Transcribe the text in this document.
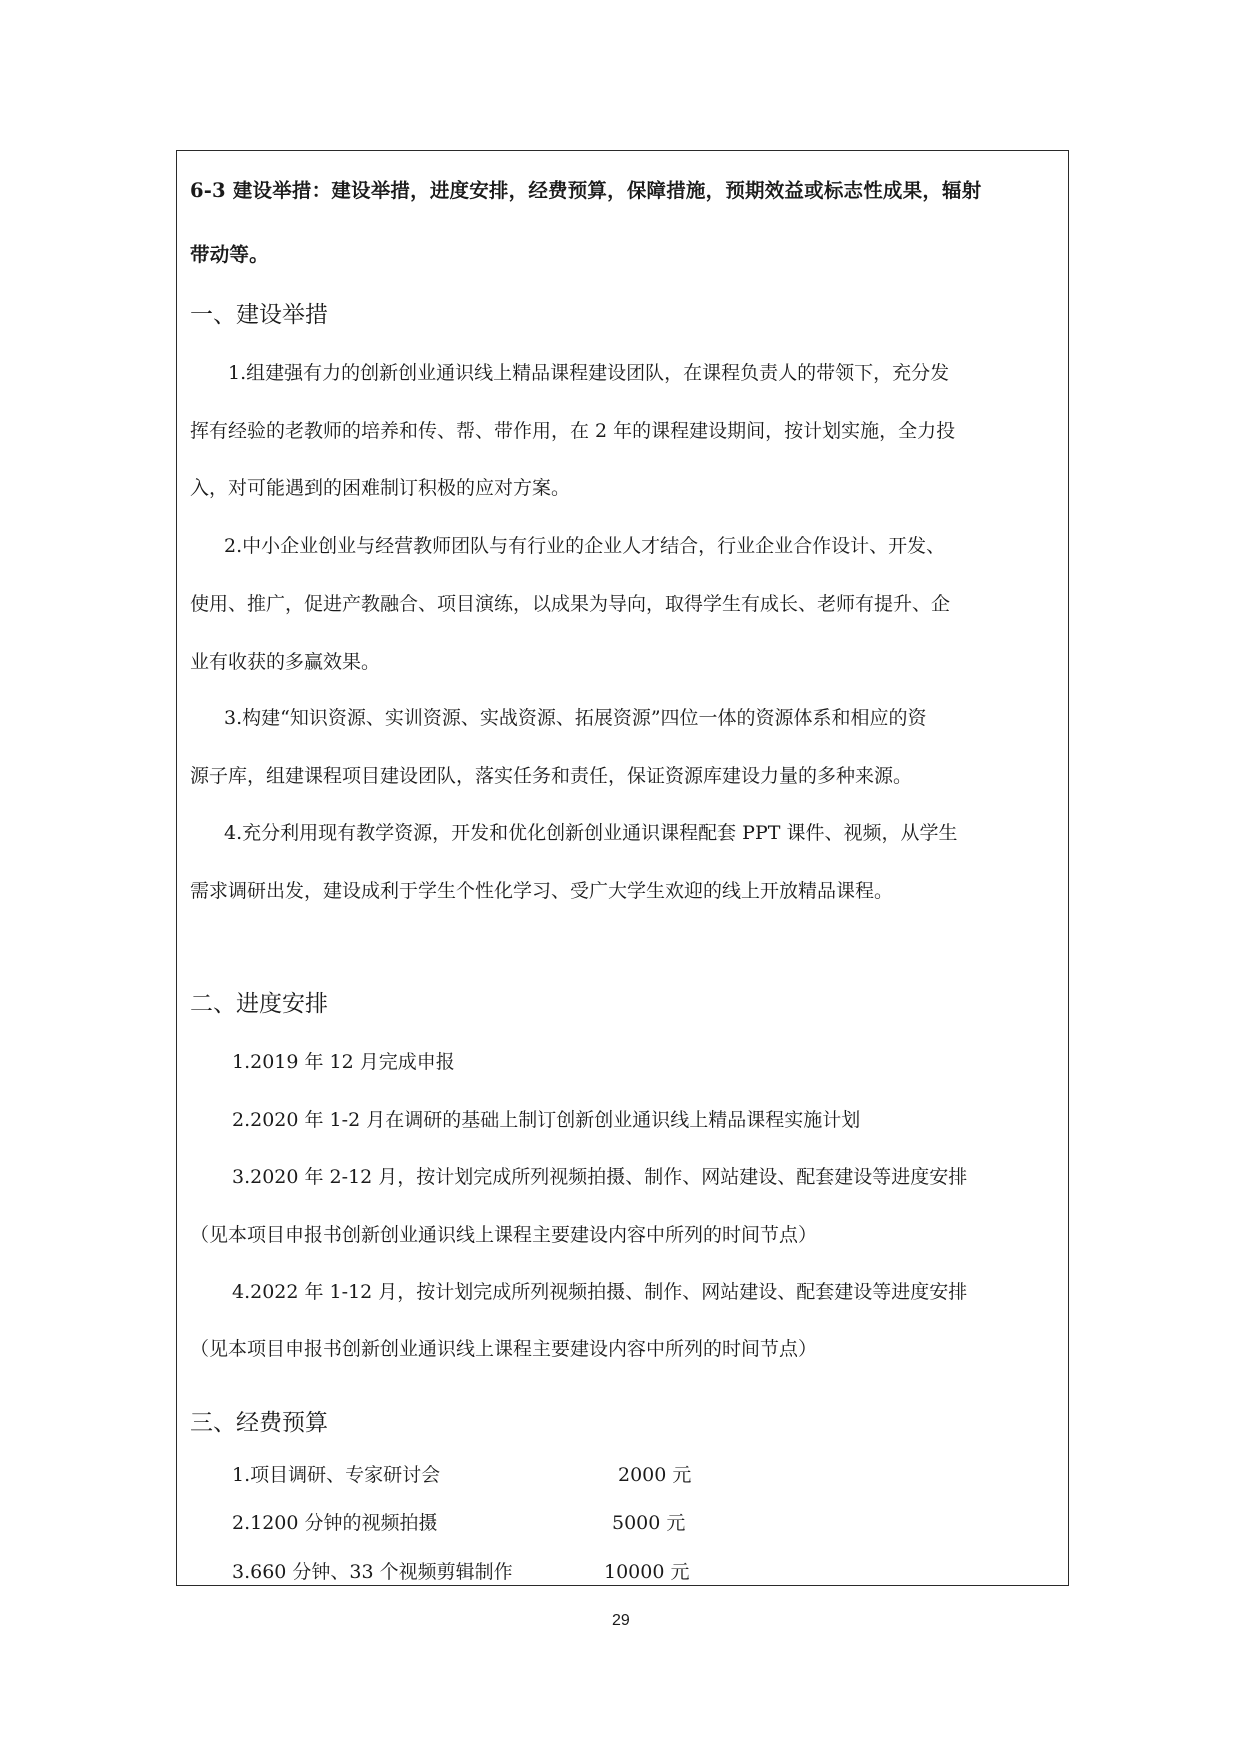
6-3 建设举措：建设举措，进度安排，经费预算，保障措施，预期效益或标志性成果，辐射
带动等。
一、建设举措
1.组建强有力的创新创业通识线上精品课程建设团队，在课程负责人的带领下，充分发
挥有经验的老教师的培养和传、帮、带作用，在 2 年的课程建设期间，按计划实施，全力投
入，对可能遇到的困难制订积极的应对方案。
2.中小企业创业与经营教师团队与有行业的企业人才结合，行业企业合作设计、开发、
使用、推广，促进产教融合、项目演练，以成果为导向，取得学生有成长、老师有提升、企
业有收获的多赢效果。
3.构建“知识资源、实训资源、实战资源、拓展资源”四位一体的资源体系和相应的资
源子库，组建课程项目建设团队，落实任务和责任，保证资源库建设力量的多种来源。
4.充分利用现有教学资源，开发和优化创新创业通识课程配套 PPT 课件、视频，从学生
需求调研出发，建设成利于学生个性化学习、受广大学生欢迎的线上开放精品课程。
二、进度安排
1.2019 年 12 月完成申报
2.2020 年 1-2 月在调研的基础上制订创新创业通识线上精品课程实施计划
3.2020 年 2-12 月，按计划完成所列视频拍摄、制作、网站建设、配套建设等进度安排
（见本项目申报书创新创业通识线上课程主要建设内容中所列的时间节点）
4.2022 年 1-12 月，按计划完成所列视频拍摄、制作、网站建设、配套建设等进度安排
（见本项目申报书创新创业通识线上课程主要建设内容中所列的时间节点）
三、经费预算
1.项目调研、专家研讨会	2000 元
2.1200 分钟的视频拍摄	5000 元
3.660 分钟、33 个视频剪辑制作	10000 元
29
